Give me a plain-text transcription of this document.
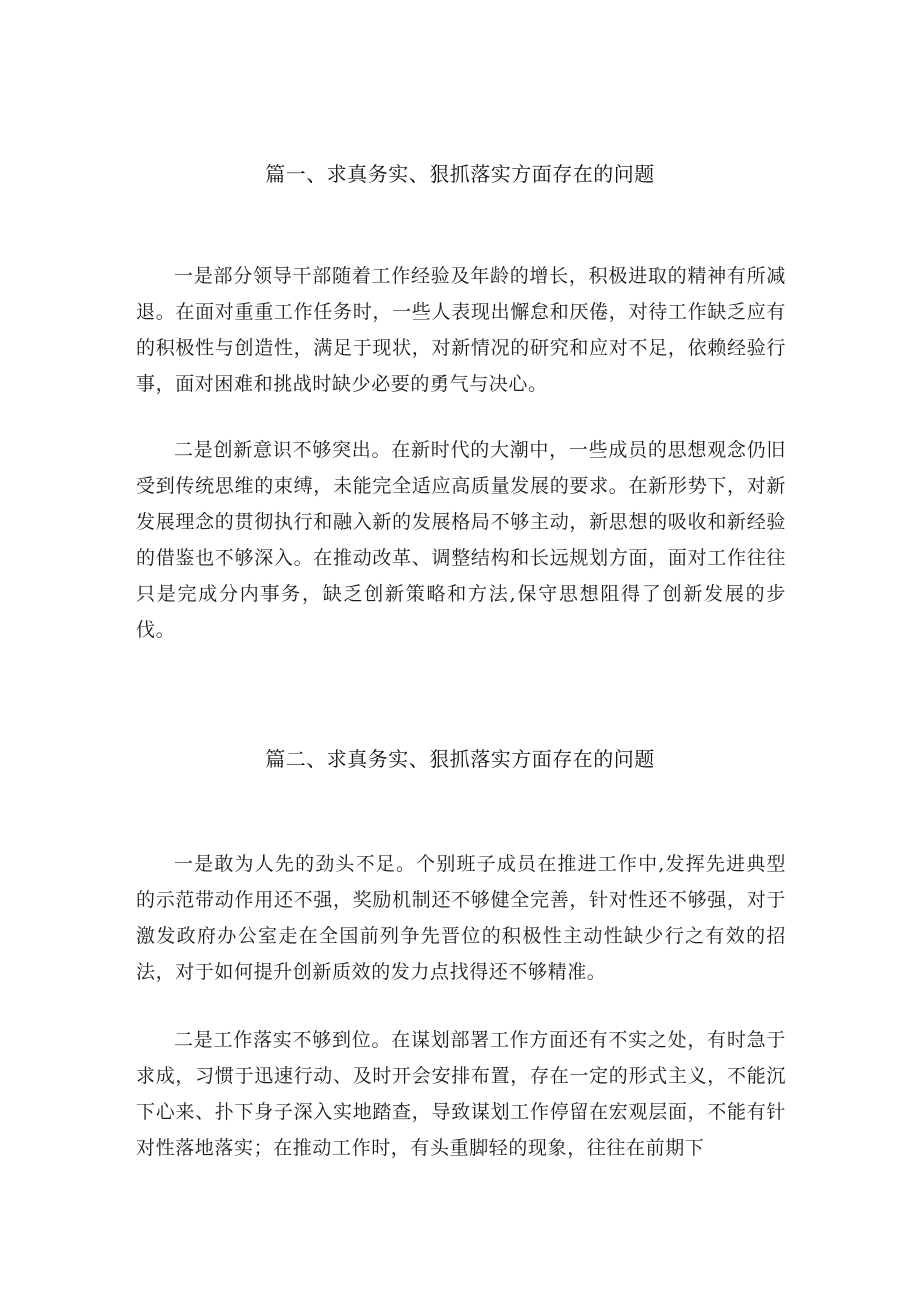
篇一、求真务实、狠抓落实方面存在的问题

一是部分领导干部随着工作经验及年龄的增长，积极进取的精神有所减退。在面对重重工作任务时，一些人表现出懈怠和厌倦，对待工作缺乏应有的积极性与创造性，满足于现状，对新情况的研究和应对不足，依赖经验行事，面对困难和挑战时缺少必要的勇气与决心。

二是创新意识不够突出。在新时代的大潮中，一些成员的思想观念仍旧受到传统思维的束缚，未能完全适应高质量发展的要求。在新形势下，对新发展理念的贯彻执行和融入新的发展格局不够主动，新思想的吸收和新经验的借鉴也不够深入。在推动改革、调整结构和长远规划方面，面对工作往往只是完成分内事务，缺乏创新策略和方法,保守思想阻得了创新发展的步伐。

篇二、求真务实、狠抓落实方面存在的问题

一是敢为人先的劲头不足。个别班子成员在推进工作中,发挥先进典型的示范带动作用还不强，奖励机制还不够健全完善，针对性还不够强，对于激发政府办公室走在全国前列争先晋位的积极性主动性缺少行之有效的招法，对于如何提升创新质效的发力点找得还不够精准。

二是工作落实不够到位。在谋划部署工作方面还有不实之处，有时急于求成，习惯于迅速行动、及时开会安排布置，存在一定的形式主义，不能沉下心来、扑下身子深入实地踏查，导致谋划工作停留在宏观层面，不能有针对性落地落实；在推动工作时，有头重脚轻的现象，往往在前期下
